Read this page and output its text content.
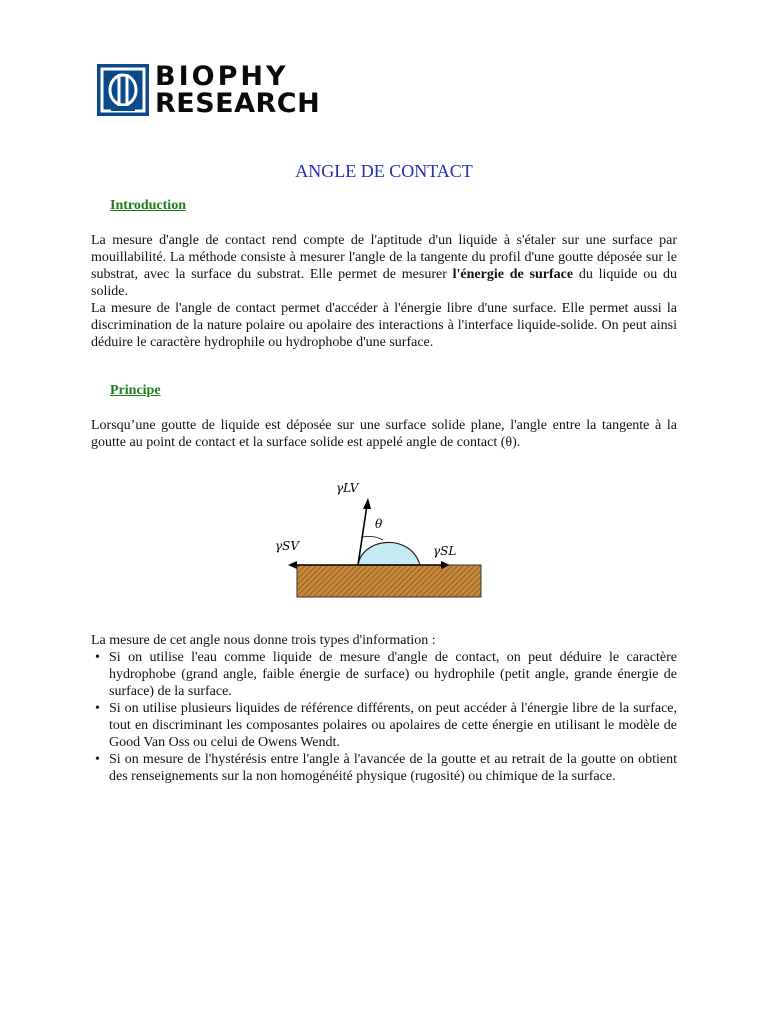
BIOPHY
RESEARCH
ANGLE DE CONTACT
Introduction

La mesure d'angle de contact rend compte de l'aptitude d'un liquide à s'étaler sur une surface par mouillabilité. La méthode consiste à mesurer l'angle de la tangente du profil d'une goutte déposée sur le substrat, avec la surface du substrat. Elle permet de mesurer l'énergie de surface du liquide ou du solide.

La mesure de l'angle de contact permet d'accéder à l'énergie libre d'une surface. Elle permet aussi la discrimination de la nature polaire ou apolaire des interactions à l'interface liquide-solide. On peut ainsi déduire le caractère hydrophile ou hydrophobe d'une surface.

Principe

Lorsqu’une goutte de liquide est déposée sur une surface solide plane, l'angle entre la tangente à la goutte au point de contact et la surface solide est appelé angle de contact (θ).

γLV
γSV	γSL
θ

La mesure de cet angle nous donne trois types d'information :

• Si on utilise l'eau comme liquide de mesure d'angle de contact, on peut déduire le caractère hydrophobe (grand angle, faible énergie de surface) ou hydrophile (petit angle, grande énergie de surface) de la surface.
• Si on utilise plusieurs liquides de référence différents, on peut accéder à l'énergie libre de la surface, tout en discriminant les composantes polaires ou apolaires de cette énergie en utilisant le modèle de Good Van Oss ou celui de Owens Wendt.
• Si on mesure de l'hystérésis entre l'angle à l'avancée de la goutte et au retrait de la goutte on obtient des renseignements sur la non homogénéité physique (rugosité) ou chimique de la surface.
